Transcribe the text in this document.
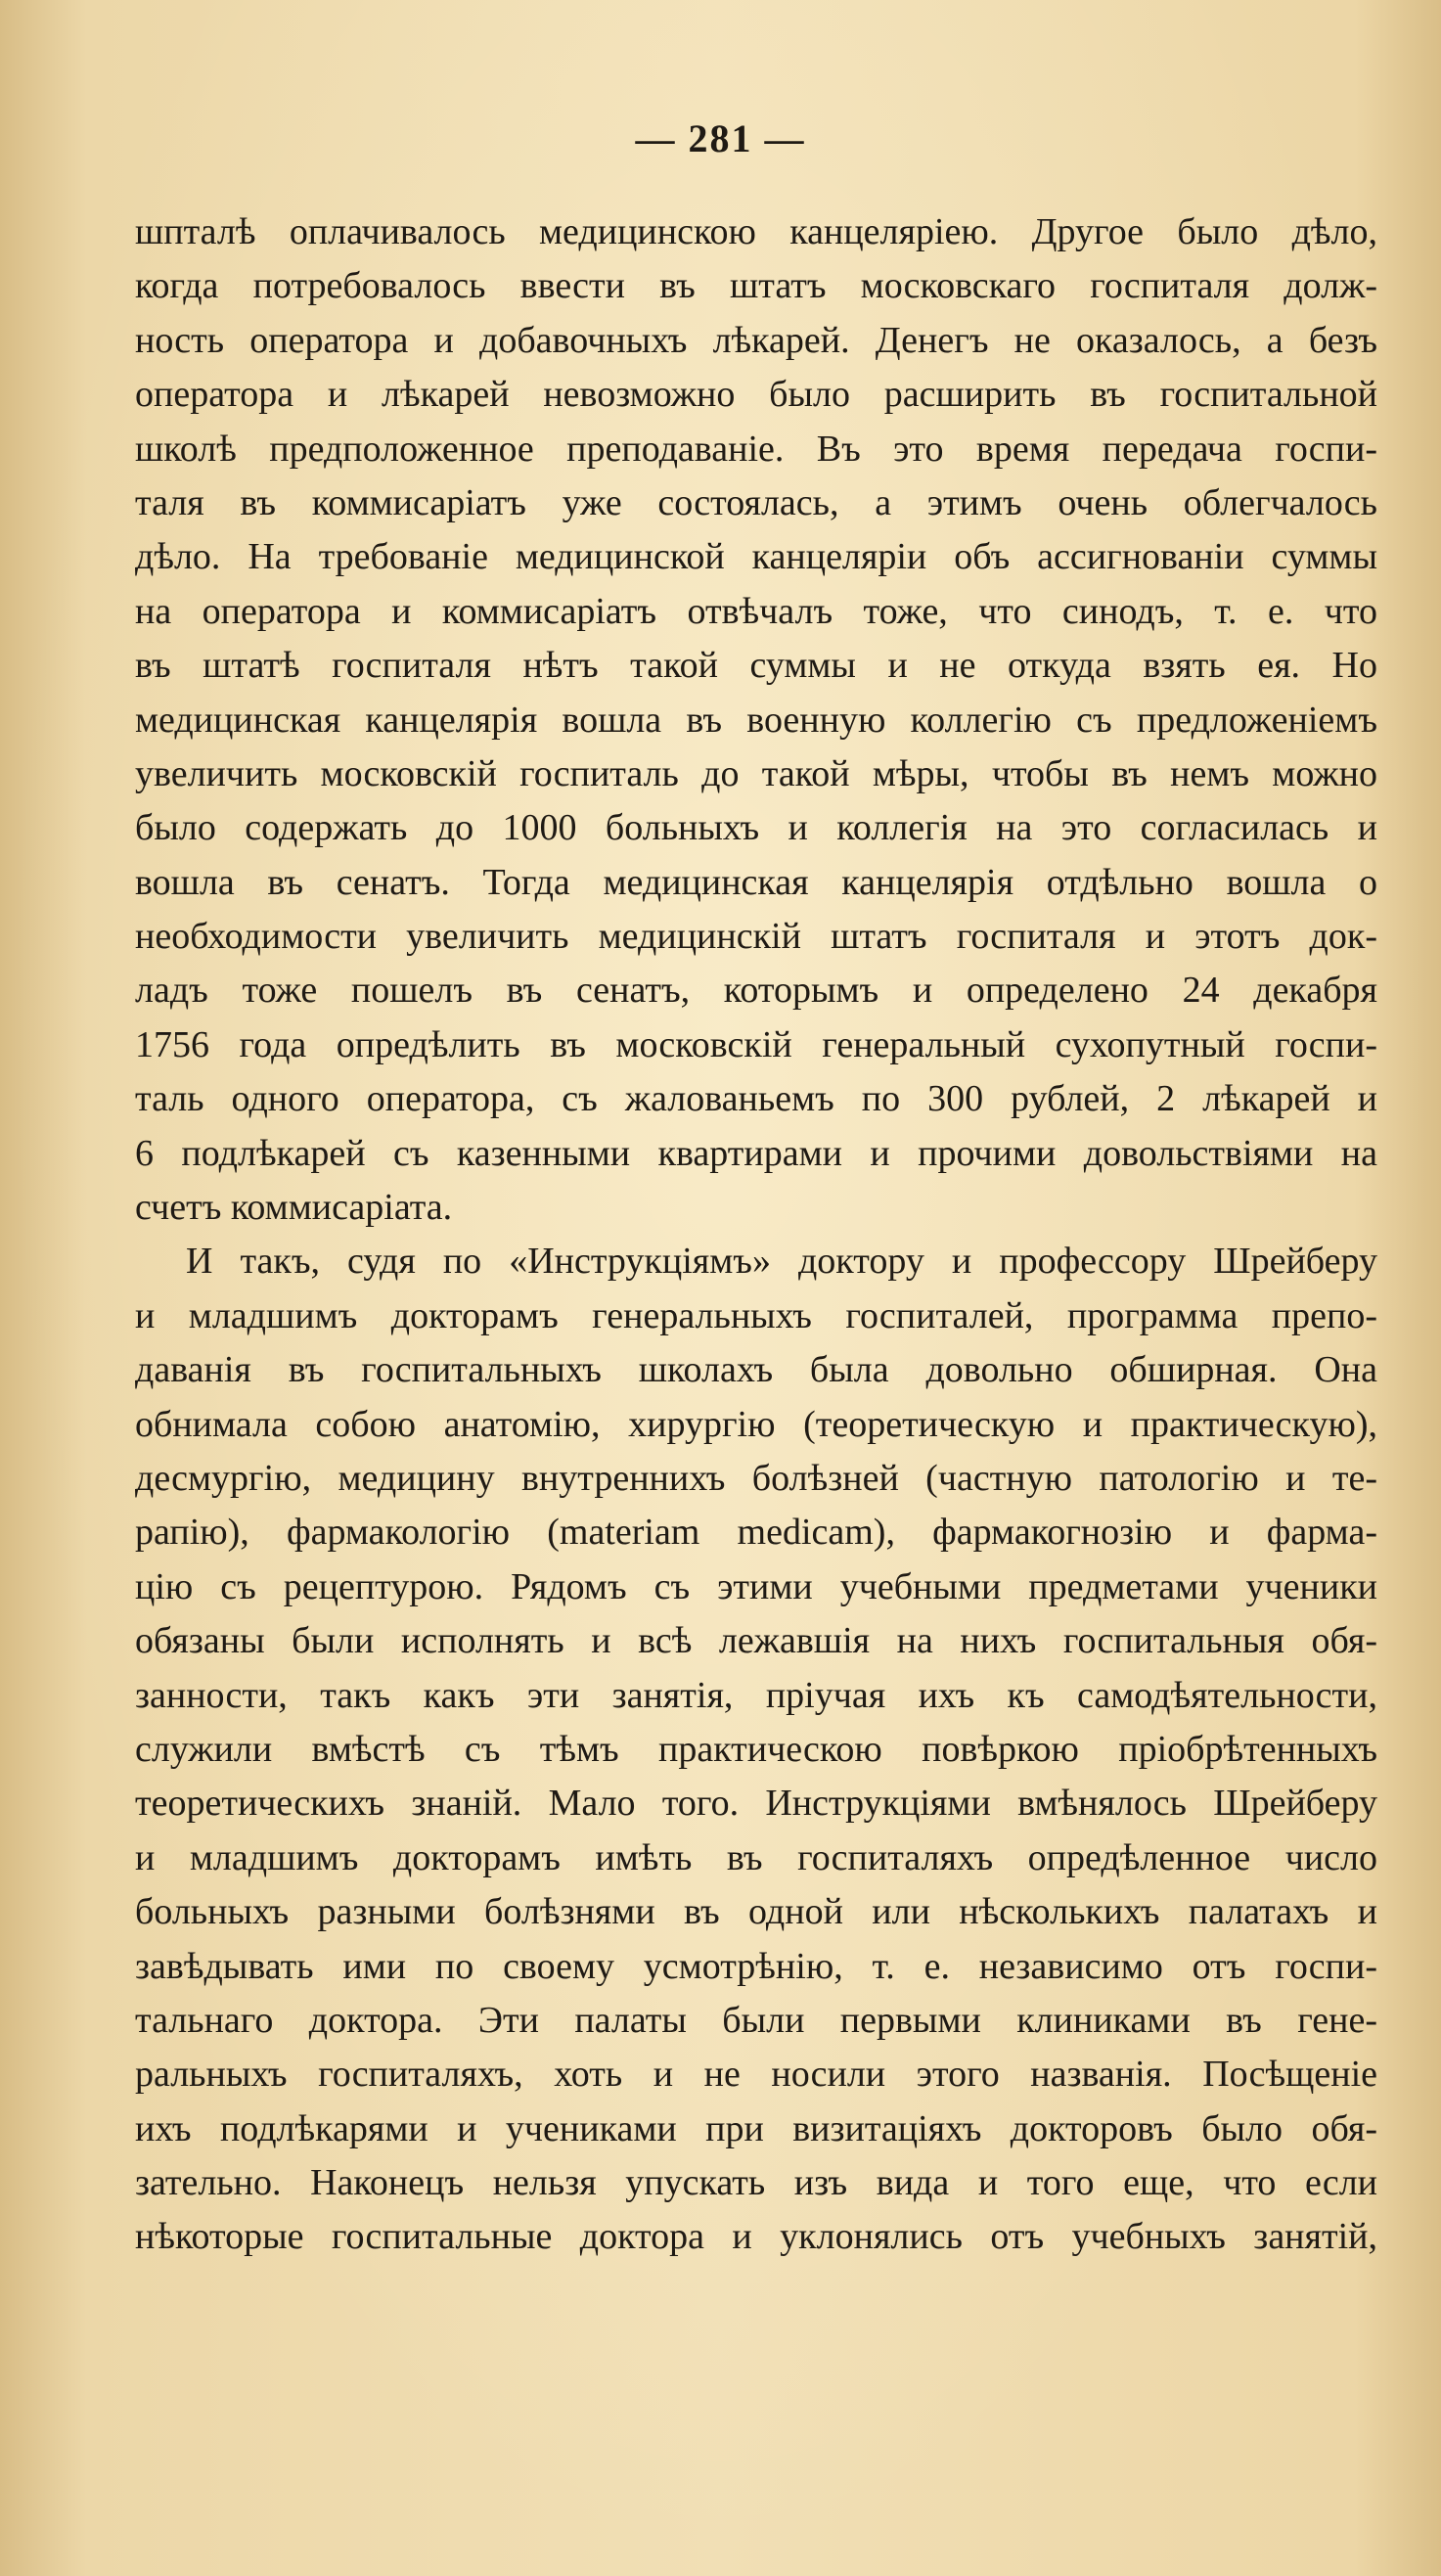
— 281 —
шпталѣ оплачивалось медицинскою канцеляріею. Другое было дѣло,
когда потребовалось ввести въ штатъ московскаго госпиталя долж-
ность оператора и добавочныхъ лѣкарей. Денегъ не оказалось, а безъ
оператора и лѣкарей невозможно было расширить въ госпитальной
школѣ предположенное преподаванiе. Въ это время передача госпи-
таля въ коммисаріатъ уже состоялась, а этимъ очень облегчалось
дѣло. На требованiе медицинской канцеляріи объ ассигнованiи суммы
на оператора и коммисаріатъ отвѣчалъ тоже, что синодъ, т. е. что
въ штатѣ госпиталя нѣтъ такой суммы и не откуда взять ея. Но
медицинская канцелярія вошла въ военную коллегію съ предложенiемъ
увеличить московскій госпиталь до такой мѣры, чтобы въ немъ можно
было содержать до 1000 больныхъ и коллегія на это согласилась и
вошла въ сенатъ. Тогда медицинская канцелярія отдѣльно вошла о
необходимости увеличить медицинскій штатъ госпиталя и этотъ док-
ладъ тоже пошелъ въ сенатъ, которымъ и определено 24 декабря
1756 года опредѣлить въ московскій генеральный сухопутный госпи-
таль одного оператора, съ жалованьемъ по 300 рублей, 2 лѣкарей и
6 подлѣкарей съ казенными квартирами и прочими довольствіями на
счетъ коммисаріата.
И такъ, судя по «Инструкціямъ» доктору и профессору Шрейберу
и младшимъ докторамъ генеральныхъ госпиталей, программа препо-
даванія въ госпитальныхъ школахъ была довольно обширная. Она
обнимала собою анатомію, хирургію (теоретическую и практическую),
десмургію, медицину внутреннихъ болѣзней (частную патологію и те-
рапію), фармакологію (materiam medicam), фармакогнозію и фарма-
цію съ рецептурою. Рядомъ съ этими учебными предметами ученики
обязаны были исполнять и всѣ лежавшія на нихъ госпитальныя обя-
занности, такъ какъ эти занятія, пріучая ихъ къ самодѣятельности,
служили вмѣстѣ съ тѣмъ практическою повѣркою пріобрѣтенныхъ
теоретическихъ знаній. Мало того. Инструкціями вмѣнялось Шрейберу
и младшимъ докторамъ имѣть въ госпиталяхъ опредѣленное число
больныхъ разными болѣзнями въ одной или нѣсколькихъ палатахъ и
завѣдывать ими по своему усмотрѣнію, т. е. независимо отъ госпи-
тальнаго доктора. Эти палаты были первыми клиниками въ гене-
ральныхъ госпиталяхъ, хоть и не носили этого названія. Посѣщеніе
ихъ подлѣкарями и учениками при визитаціяхъ докторовъ было обя-
зательно. Наконецъ нельзя упускать изъ вида и того еще, что если
нѣкоторые госпитальные доктора и уклонялись отъ учебныхъ занятій,
